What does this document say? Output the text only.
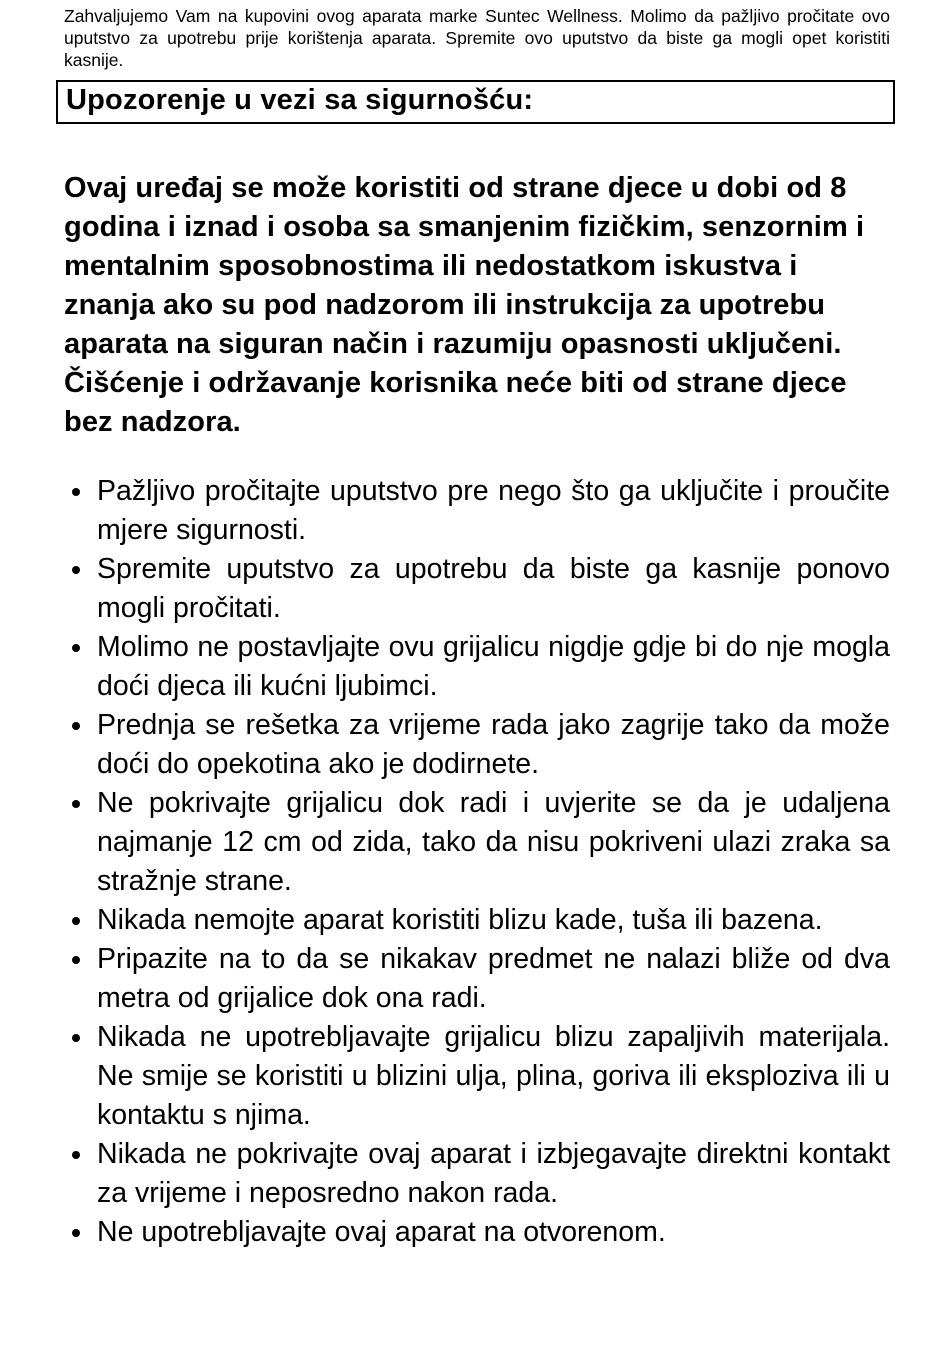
Zahvaljujemo Vam na kupovini ovog aparata marke Suntec Wellness. Molimo da pažljivo pročitate ovo uputstvo za upotrebu prije korištenja aparata. Spremite ovo uputstvo da biste ga mogli opet koristiti kasnije.

Upozorenje u vezi sa sigurnošću:

Ovaj uređaj se može koristiti od strane djece u dobi od 8 godina i iznad i osoba sa smanjenim fizičkim, senzornim i mentalnim sposobnostima ili nedostatkom iskustva i znanja ako su pod nadzorom ili instrukcija za upotrebu aparata na siguran način i razumiju opasnosti uključeni. Čišćenje i održavanje korisnika neće biti od strane djece bez nadzora.

• Pažljivo pročitajte uputstvo pre nego što ga uključite i proučite mjere sigurnosti.
• Spremite uputstvo za upotrebu da biste ga kasnije ponovo mogli pročitati.
• Molimo ne postavljajte ovu grijalicu nigdje gdje bi do nje mogla doći djeca ili kućni ljubimci.
• Prednja se rešetka za vrijeme rada jako zagrije tako da može doći do opekotina ako je dodirnete.
• Ne pokrivajte grijalicu dok radi i uvjerite se da je udaljena najmanje 12 cm od zida, tako da nisu pokriveni ulazi zraka sa stražnje strane.
• Nikada nemojte aparat koristiti blizu kade, tuša ili bazena.
• Pripazite na to da se nikakav predmet ne nalazi bliže od dva metra od grijalice dok ona radi.
• Nikada ne upotrebljavajte grijalicu blizu zapaljivih materijala. Ne smije se koristiti u blizini ulja, plina, goriva ili eksploziva ili u kontaktu s njima.
• Nikada ne pokrivajte ovaj aparat i izbjegavajte direktni kontakt za vrijeme i neposredno nakon rada.
• Ne upotrebljavajte ovaj aparat na otvorenom.
